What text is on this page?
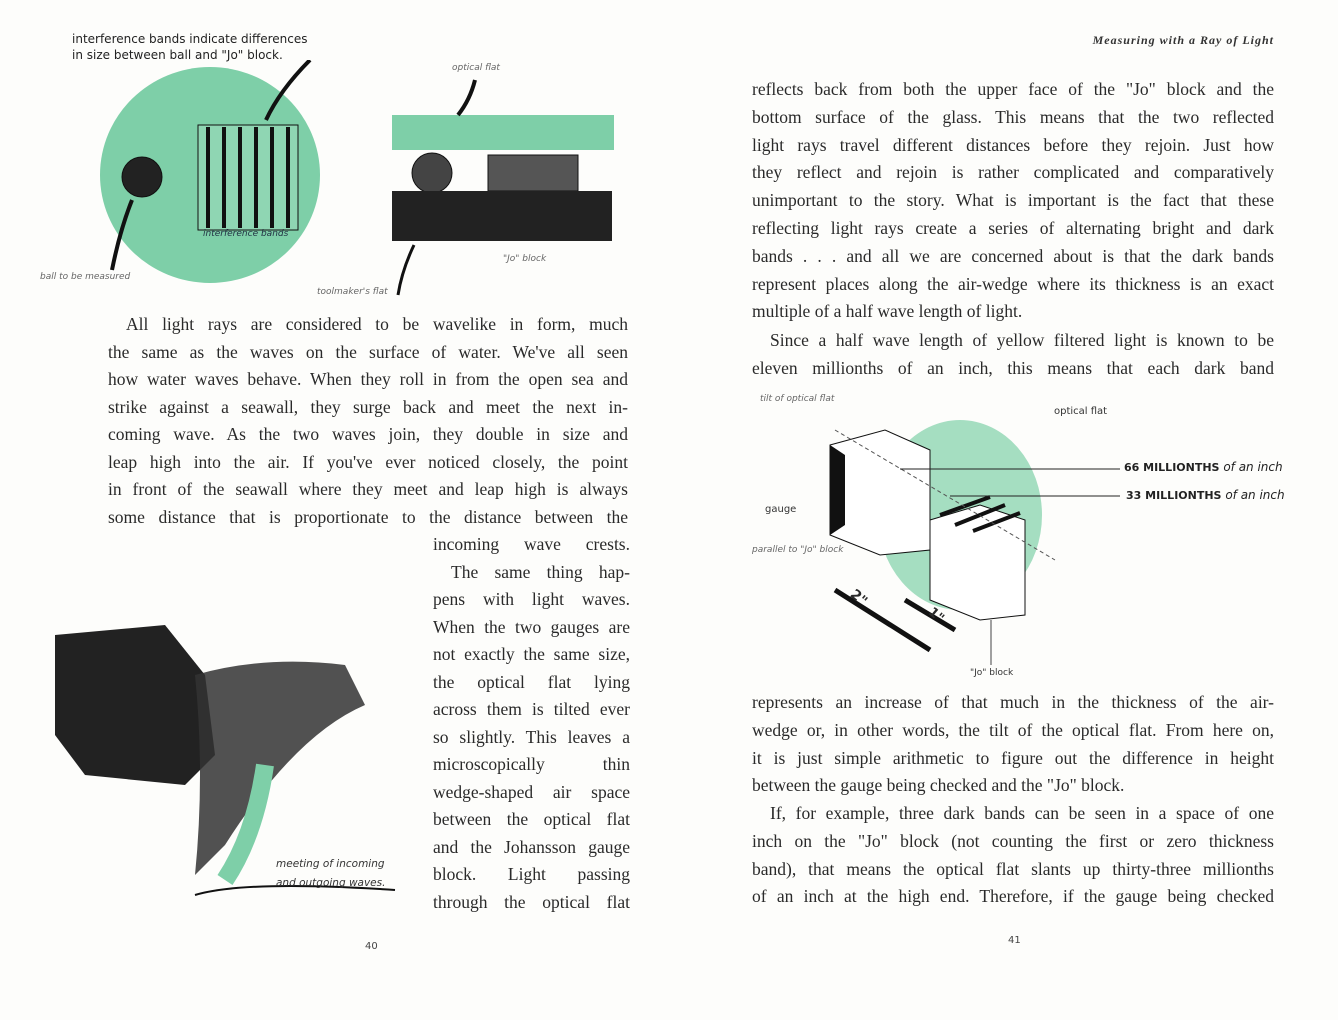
interference bands indicate differences
in size between ball and "Jo" block.
interference bands
ball to be measured
optical flat
"Jo" block
toolmaker's flat
All light rays are considered to be wavelike in form, much
the same as the waves on the surface of water. We've all seen
how water waves behave. When they roll in from the open sea and
strike against a seawall, they surge back and meet the next in-
coming wave. As the two waves join, they double in size and
leap high into the air. If you've ever noticed closely, the point
in front of the seawall where they meet and leap high is always
some distance that is proportionate to the distance between the
incoming wave crests.
The same thing hap-
pens with light waves.
When the two gauges are
not exactly the same size,
the optical flat lying
across them is tilted ever
so slightly. This leaves a
microscopically thin
wedge-shaped air space
between the optical flat
and the Johansson gauge
block. Light passing
through the optical flat
meeting of incoming
and outgoing waves.
40
Measuring with a Ray of Light
reflects back from both the upper face of the "Jo" block and the
bottom surface of the glass. This means that the two reflected
light rays travel different distances before they rejoin. Just how
they reflect and rejoin is rather complicated and comparatively
unimportant to the story. What is important is the fact that these
reflecting light rays create a series of alternating bright and dark
bands . . . and all we are concerned about is that the dark bands
represent places along the air-wedge where its thickness is an exact
multiple of a half wave length of light.
Since a half wave length of yellow filtered light is known to be
eleven millionths of an inch, this means that each dark band
tilt of optical flat
optical flat
66 MILLIONTHS of an inch
33 MILLIONTHS of an inch
gauge
parallel to "Jo" block
2"
1"
"Jo" block
represents an increase of that much in the thickness of the air-
wedge or, in other words, the tilt of the optical flat. From here on,
it is just simple arithmetic to figure out the difference in height
between the gauge being checked and the "Jo" block.
If, for example, three dark bands can be seen in a space of one
inch on the "Jo" block (not counting the first or zero thickness
band), that means the optical flat slants up thirty-three millionths
of an inch at the high end. Therefore, if the gauge being checked
41
